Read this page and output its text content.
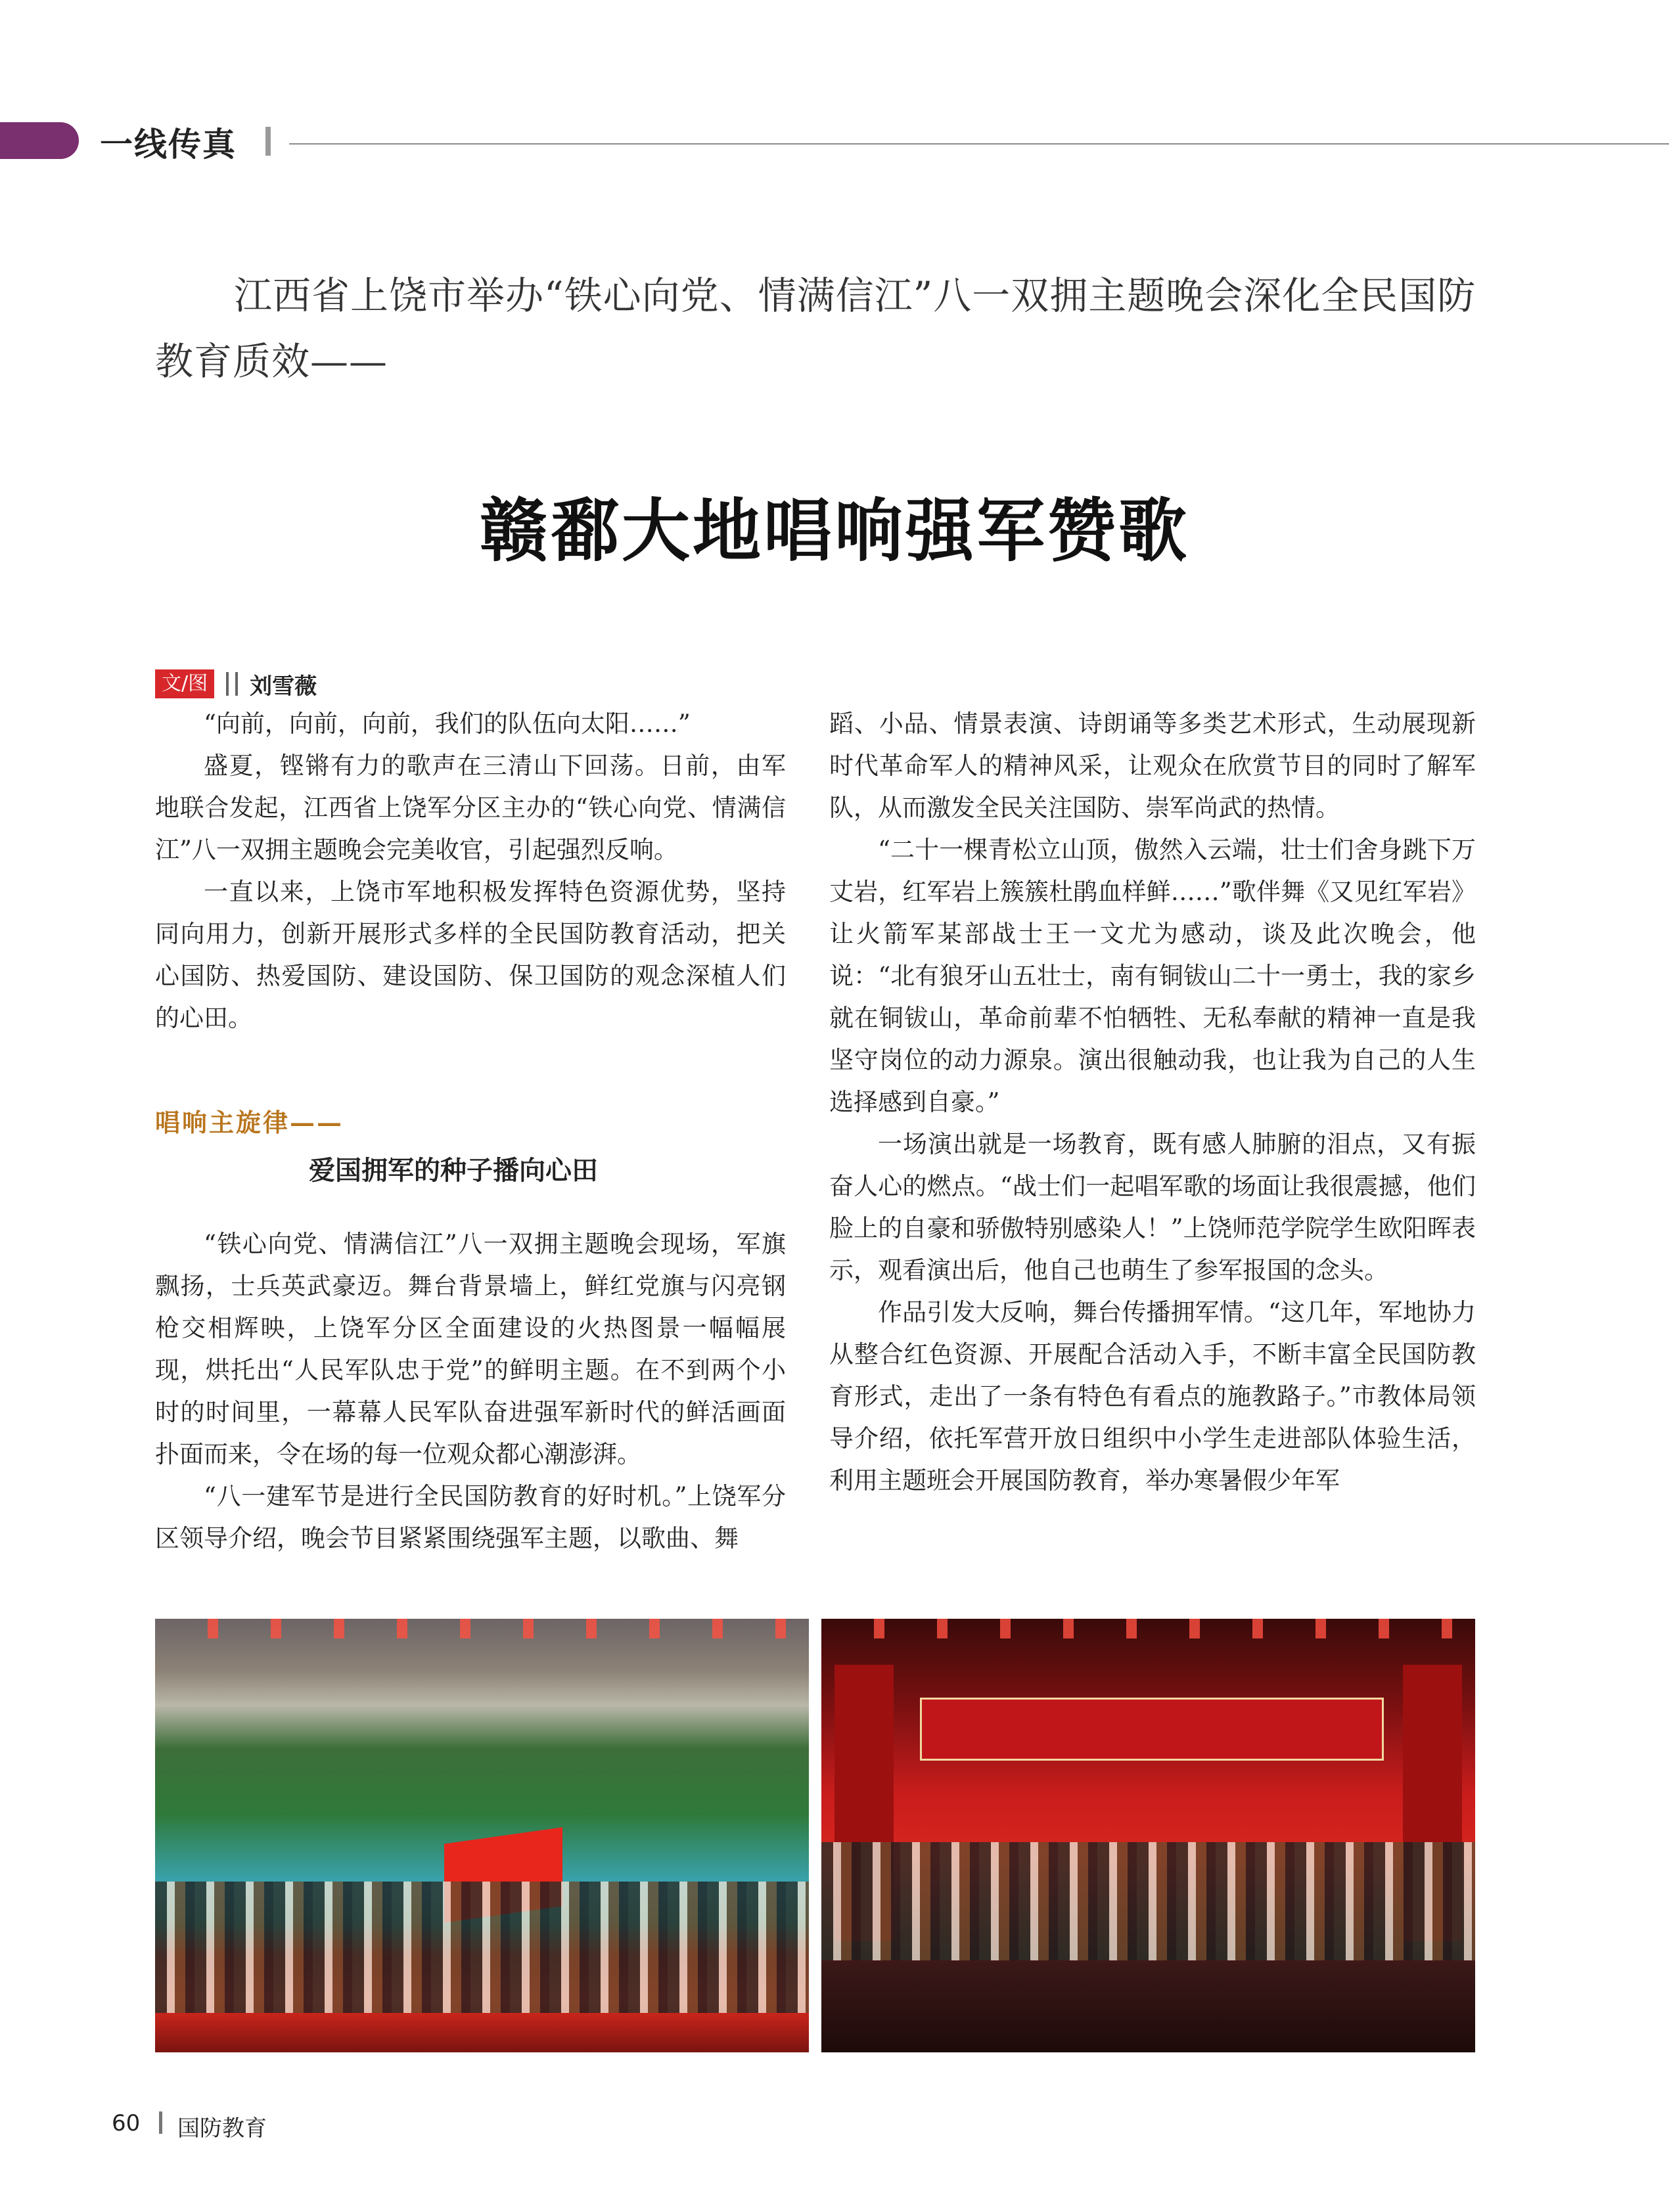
一线传真
江西省上饶市举办“铁心向党、情满信江”八一双拥主题晚会深化全民国防教育质效——
赣鄱大地唱响强军赞歌
文/图 刘雪薇

“向前，向前，向前，我们的队伍向太阳……”

盛夏，铿锵有力的歌声在三清山下回荡。日前，由军地联合发起，江西省上饶军分区主办的“铁心向党、情满信江”八一双拥主题晚会完美收官，引起强烈反响。

一直以来，上饶市军地积极发挥特色资源优势，坚持同向用力，创新开展形式多样的全民国防教育活动，把关心国防、热爱国防、建设国防、保卫国防的观念深植人们的心田。

唱响主旋律——
爱国拥军的种子播向心田

“铁心向党、情满信江”八一双拥主题晚会现场，军旗飘扬，士兵英武豪迈。舞台背景墙上，鲜红党旗与闪亮钢枪交相辉映，上饶军分区全面建设的火热图景一幅幅展现，烘托出“人民军队忠于党”的鲜明主题。在不到两个小时的时间里，一幕幕人民军队奋进强军新时代的鲜活画面扑面而来，令在场的每一位观众都心潮澎湃。

“八一建军节是进行全民国防教育的好时机。”上饶军分区领导介绍，晚会节目紧紧围绕强军主题，以歌曲、舞

蹈、小品、情景表演、诗朗诵等多类艺术形式，生动展现新时代革命军人的精神风采，让观众在欣赏节目的同时了解军队，从而激发全民关注国防、崇军尚武的热情。

“二十一棵青松立山顶，傲然入云端，壮士们舍身跳下万丈岩，红军岩上簇簇杜鹃血样鲜……”歌伴舞《又见红军岩》让火箭军某部战士王一文尤为感动，谈及此次晚会，他说：“北有狼牙山五壮士，南有铜钹山二十一勇士，我的家乡就在铜钹山，革命前辈不怕牺牲、无私奉献的精神一直是我坚守岗位的动力源泉。演出很触动我，也让我为自己的人生选择感到自豪。”

一场演出就是一场教育，既有感人肺腑的泪点，又有振奋人心的燃点。“战士们一起唱军歌的场面让我很震撼，他们脸上的自豪和骄傲特别感染人！”上饶师范学院学生欧阳晖表示，观看演出后，他自己也萌生了参军报国的念头。

作品引发大反响，舞台传播拥军情。“这几年，军地协力从整合红色资源、开展配合活动入手，不断丰富全民国防教育形式，走出了一条有特色有看点的施教路子。”市教体局领导介绍，依托军营开放日组织中小学生走进部队体验生活，利用主题班会开展国防教育，举办寒暑假少年军

60 国防教育
